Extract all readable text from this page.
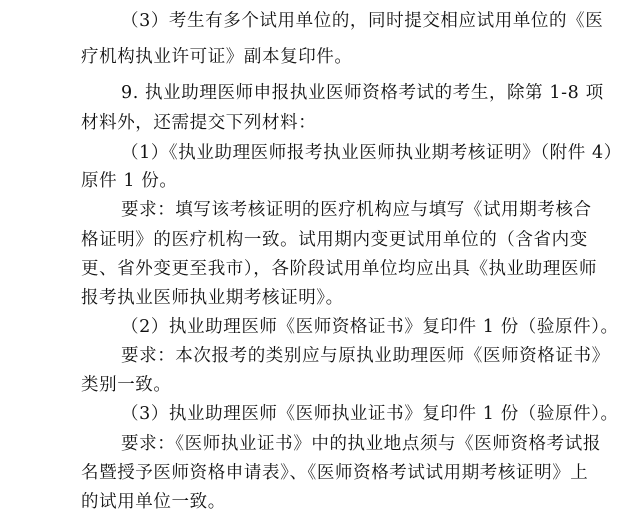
（3）考生有多个试用单位的，同时提交相应试用单位的《医
疗机构执业许可证》副本复印件。
9. 执业助理医师申报执业医师资格考试的考生，除第 1-8 项
材料外，还需提交下列材料：
（1）《执业助理医师报考执业医师执业期考核证明》（附件 4）
原件 1 份。
要求：填写该考核证明的医疗机构应与填写《试用期考核合
格证明》的医疗机构一致。试用期内变更试用单位的（含省内变
更、省外变更至我市），各阶段试用单位均应出具《执业助理医师
报考执业医师执业期考核证明》。
（2）执业助理医师《医师资格证书》复印件 1 份（验原件）。
要求：本次报考的类别应与原执业助理医师《医师资格证书》
类别一致。
（3）执业助理医师《医师执业证书》复印件 1 份（验原件）。
要求：《医师执业证书》中的执业地点须与《医师资格考试报
名暨授予医师资格申请表》、《医师资格考试试用期考核证明》上
的试用单位一致。
